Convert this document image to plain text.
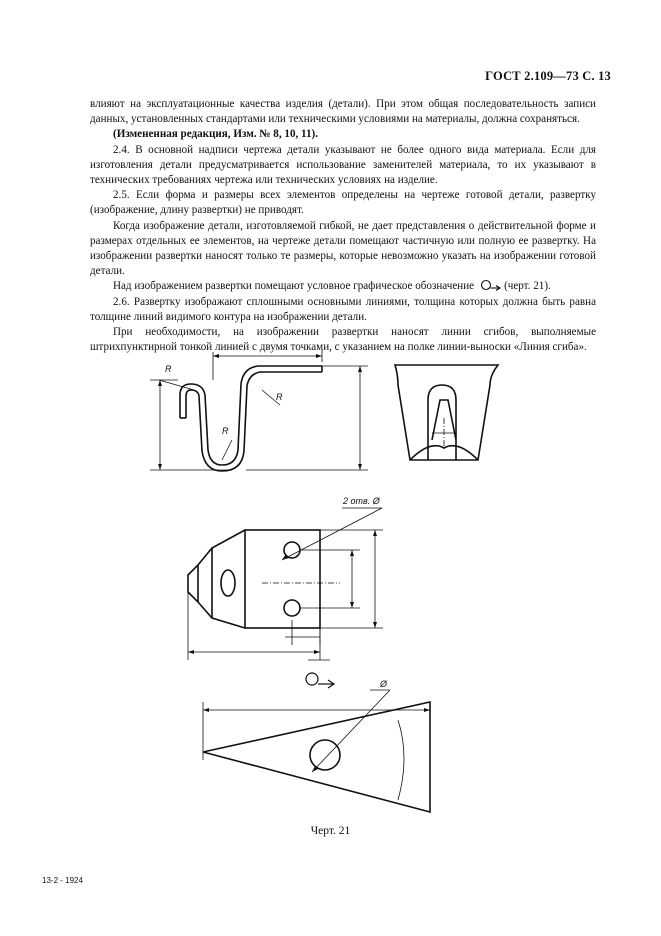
ГОСТ 2.109—73 С. 13

влияют на эксплуатационные качества изделия (детали). При этом общая последовательность записи данных, установленных стандартами или техническими условиями на материалы, должна сохраняться.

(Измененная редакция, Изм. № 8, 10, 11).

2.4. В основной надписи чертежа детали указывают не более одного вида материала. Если для изготовления детали предусматривается использование заменителей материала, то их указывают в технических требованиях чертежа или технических условиях на изделие.

2.5. Если форма и размеры всех элементов определены на чертеже готовой детали, развертку (изображение, длину развертки) не приводят.

Когда изображение детали, изготовляемой гибкой, не дает представления о действительной форме и размерах отдельных ее элементов, на чертеже детали помещают частичную или полную ее развертку. На изображении развертки наносят только те размеры, которые невозможно указать на изображении готовой детали.

Над изображением развертки помещают условное графическое обозначение	(черт. 21).

2.6. Развертку изображают сплошными основными линиями, толщина которых должна быть равна толщине линий видимого контура на изображении детали.

При необходимости, на изображении развертки наносят линии сгибов, выполняемые штрихпунктирной тонкой линией с двумя точками, с указанием на полке линии-выноски «Линия сгиба».

R
R
R
2 отв. Ø
Ø
Черт. 21
13-2 - 1924
